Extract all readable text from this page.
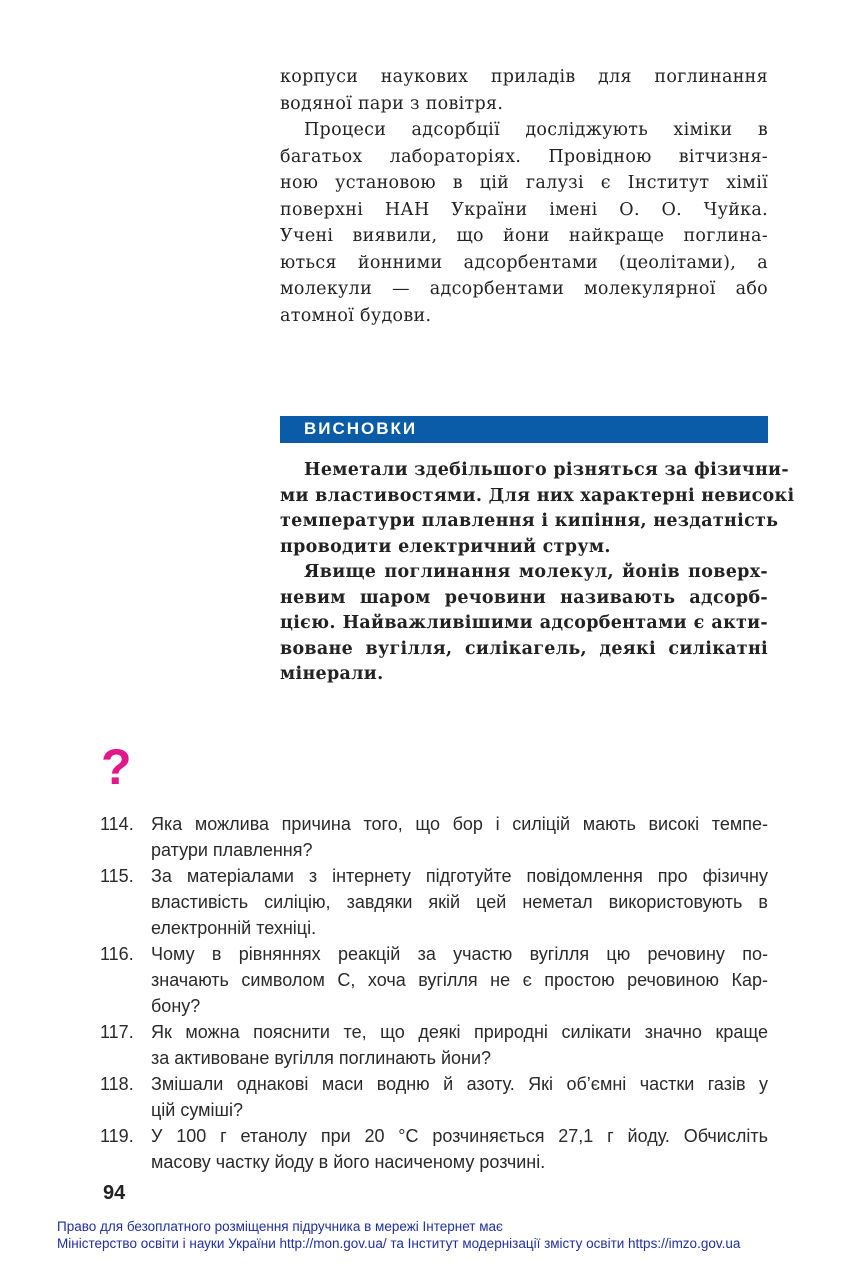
корпуси наукових приладів для поглинання
водяної пари з повітря.
Процеси адсорбції досліджують хіміки в
багатьох лабораторіях. Провідною вітчизня-
ною установою в цій галузі є Інститут хімії
поверхні НАН України імені О. О. Чуйка.
Учені виявили, що йони найкраще поглина-
ються йонними адсорбентами (цеолітами), а
молекули — адсорбентами молекулярної або
атомної будови.
ВИСНОВКИ
Неметали здебільшого різняться за фізични-
ми властивостями. Для них характерні невисокі
температури плавлення і кипіння, нездатність
проводити електричний струм.
Явище поглинання молекул, йонів поверх-
невим шаром речовини називають адсорб-
цією. Найважливішими адсорбентами є акти-
воване вугілля, силікагель, деякі силікатні
мінерали.
?
114. Яка можлива причина того, що бор і силіцій мають високі темпе-
ратури плавлення?
115. За матеріалами з інтернету підготуйте повідомлення про фізичну
властивість силіцію, завдяки якій цей неметал використовують в
електронній техніці.
116. Чому в рівняннях реакцій за участю вугілля цю речовину по-
значають символом С, хоча вугілля не є простою речовиною Кар-
бону?
117. Як можна пояснити те, що деякі природні силікати значно краще
за активоване вугілля поглинають йони?
118. Змішали однакові маси водню й азоту. Які об’ємні частки газів у
цій суміші?
119. У 100 г етанолу при 20 °С розчиняється 27,1 г йоду. Обчисліть
масову частку йоду в його насиченому розчині.
94
Право для безоплатного розміщення підручника в мережі Інтернет має
Міністерство освіти і науки України http://mon.gov.ua/ та Інститут модернізації змісту освіти https://imzo.gov.ua
